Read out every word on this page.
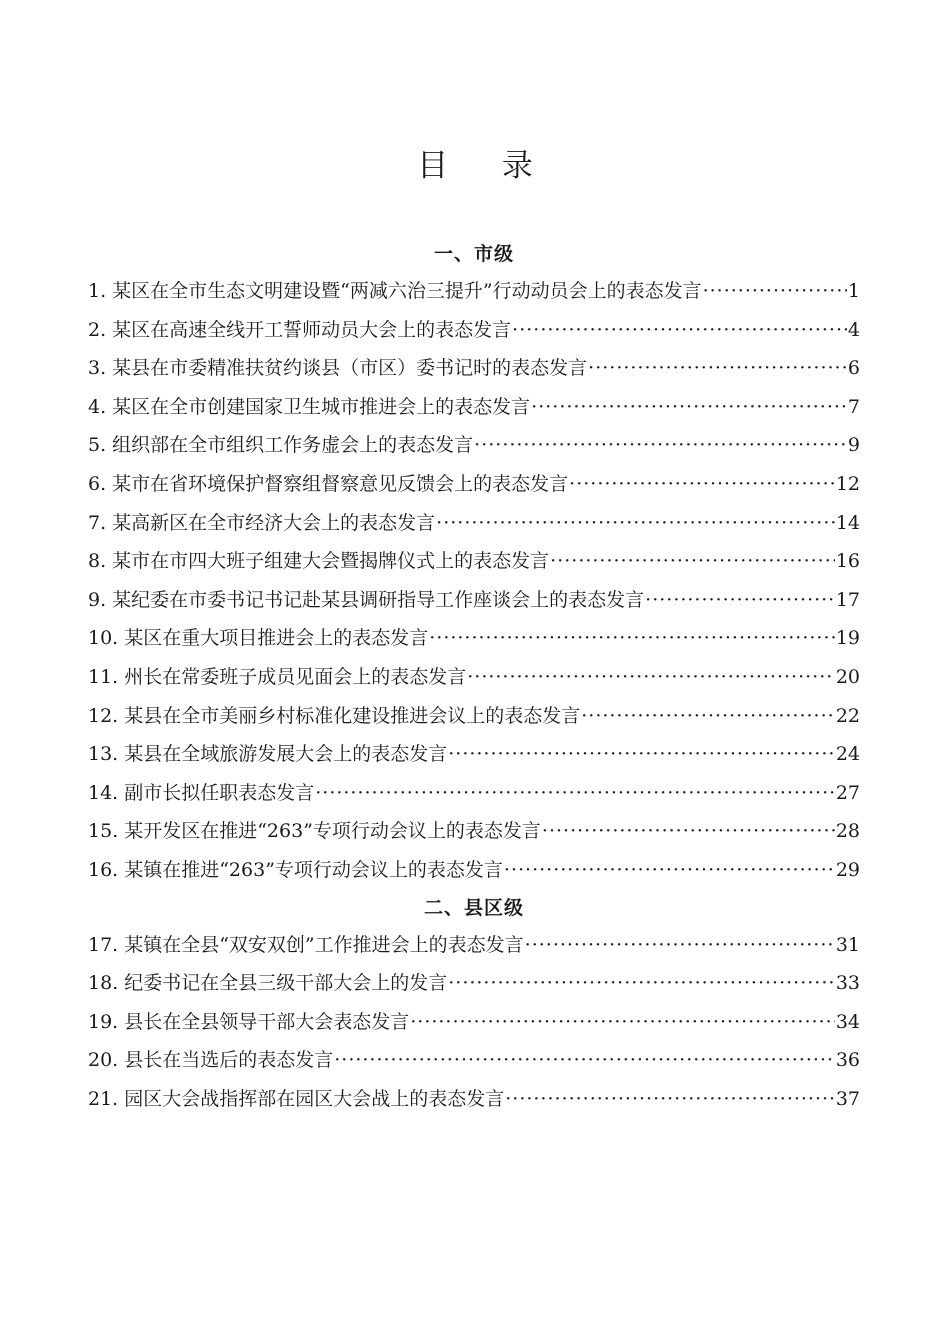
目 录
一、市级
1. 某区在全市生态文明建设暨“两减六治三提升”行动动员会上的表态发言 ·····	1
2. 某区在高速全线开工誓师动员大会上的表态发言 ·····	4
3. 某县在市委精准扶贫约谈县（市区）委书记时的表态发言 ·····	6
4. 某区在全市创建国家卫生城市推进会上的表态发言 ·····	7
5. 组织部在全市组织工作务虚会上的表态发言 ·····	9
6. 某市在省环境保护督察组督察意见反馈会上的表态发言 ·····	12
7. 某高新区在全市经济大会上的表态发言 ·····	14
8. 某市在市四大班子组建大会暨揭牌仪式上的表态发言 ·····	16
9. 某纪委在市委书记书记赴某县调研指导工作座谈会上的表态发言 ·····	17
10. 某区在重大项目推进会上的表态发言 ·····	19
11. 州长在常委班子成员见面会上的表态发言 ·····	20
12. 某县在全市美丽乡村标准化建设推进会议上的表态发言 ·····	22
13. 某县在全域旅游发展大会上的表态发言 ·····	24
14. 副市长拟任职表态发言 ·····	27
15. 某开发区在推进“263”专项行动会议上的表态发言 ·····	28
16. 某镇在推进“263”专项行动会议上的表态发言 ·····	29
二、县区级
17. 某镇在全县“双安双创”工作推进会上的表态发言 ·····	31
18. 纪委书记在全县三级干部大会上的发言 ·····	33
19. 县长在全县领导干部大会表态发言 ·····	34
20. 县长在当选后的表态发言 ·····	36
21. 园区大会战指挥部在园区大会战上的表态发言 ·····	37
